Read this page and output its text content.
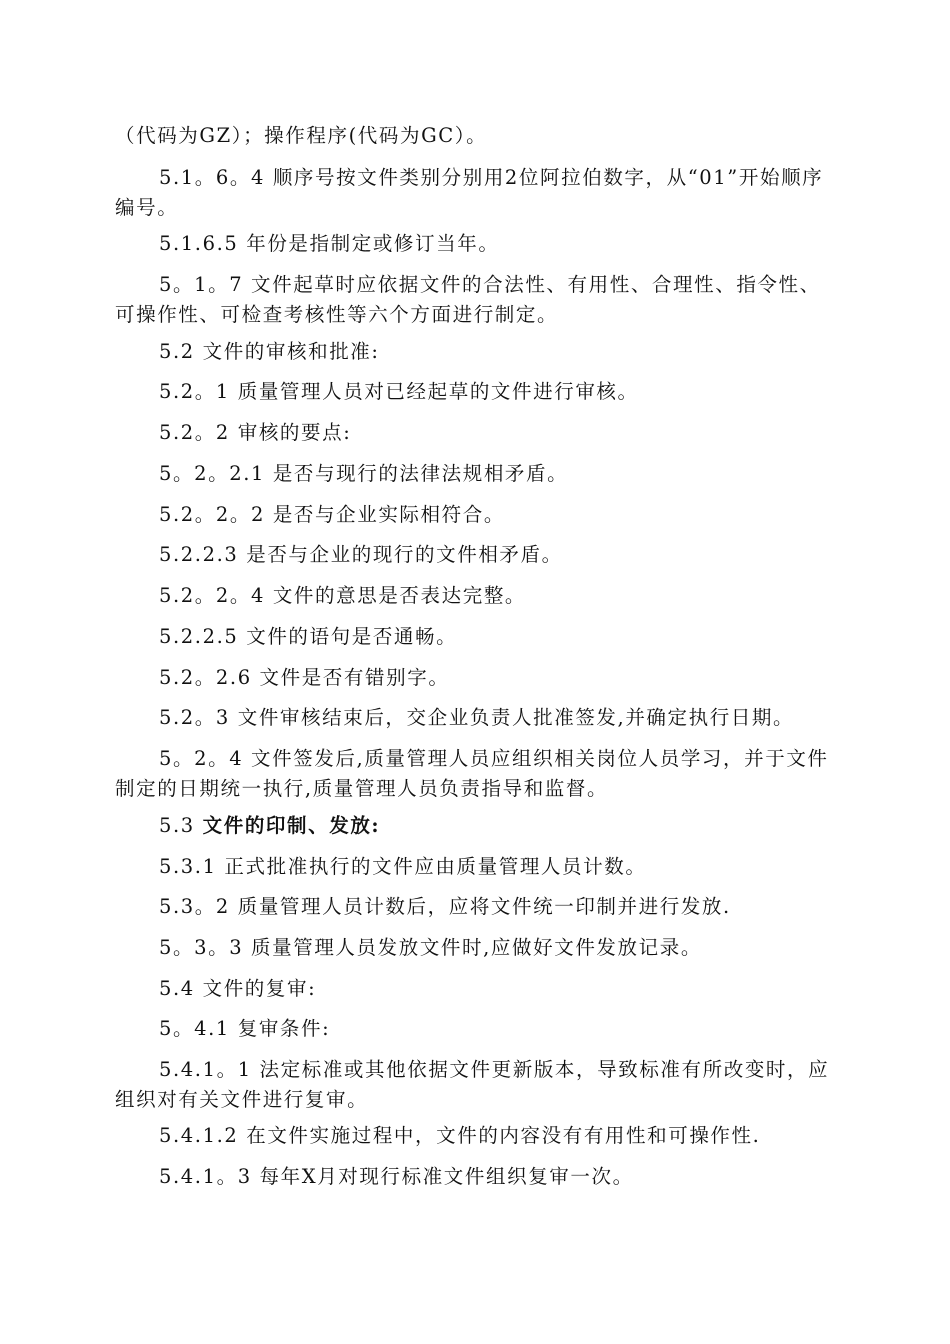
（代码为GZ）；操作程序(代码为GC）。

5.1。6。4 顺序号按文件类别分别用2位阿拉伯数字，从“01”开始顺序编号。

5.1.6.5 年份是指制定或修订当年。

5。1。7 文件起草时应依据文件的合法性、有用性、合理性、指令性、可操作性、可检查考核性等六个方面进行制定。

5.2 文件的审核和批准:

5.2。1 质量管理人员对已经起草的文件进行审核。

5.2。2 审核的要点:

5。2。2.1 是否与现行的法律法规相矛盾。

5.2。2。2 是否与企业实际相符合。

5.2.2.3 是否与企业的现行的文件相矛盾。

5.2。2。4 文件的意思是否表达完整。

5.2.2.5 文件的语句是否通畅。

5.2。2.6 文件是否有错别字。

5.2。3 文件审核结束后，交企业负责人批准签发,并确定执行日期。

5。2。4 文件签发后,质量管理人员应组织相关岗位人员学习，并于文件制定的日期统一执行,质量管理人员负责指导和监督。

5.3 文件的印制、发放:

5.3.1 正式批准执行的文件应由质量管理人员计数。

5.3。2 质量管理人员计数后，应将文件统一印制并进行发放.

5。3。3 质量管理人员发放文件时,应做好文件发放记录。

5.4 文件的复审:

5。4.1 复审条件:

5.4.1。1 法定标准或其他依据文件更新版本，导致标准有所改变时，应组织对有关文件进行复审。

5.4.1.2 在文件实施过程中，文件的内容没有有用性和可操作性.

5.4.1。3 每年X月对现行标准文件组织复审一次。
